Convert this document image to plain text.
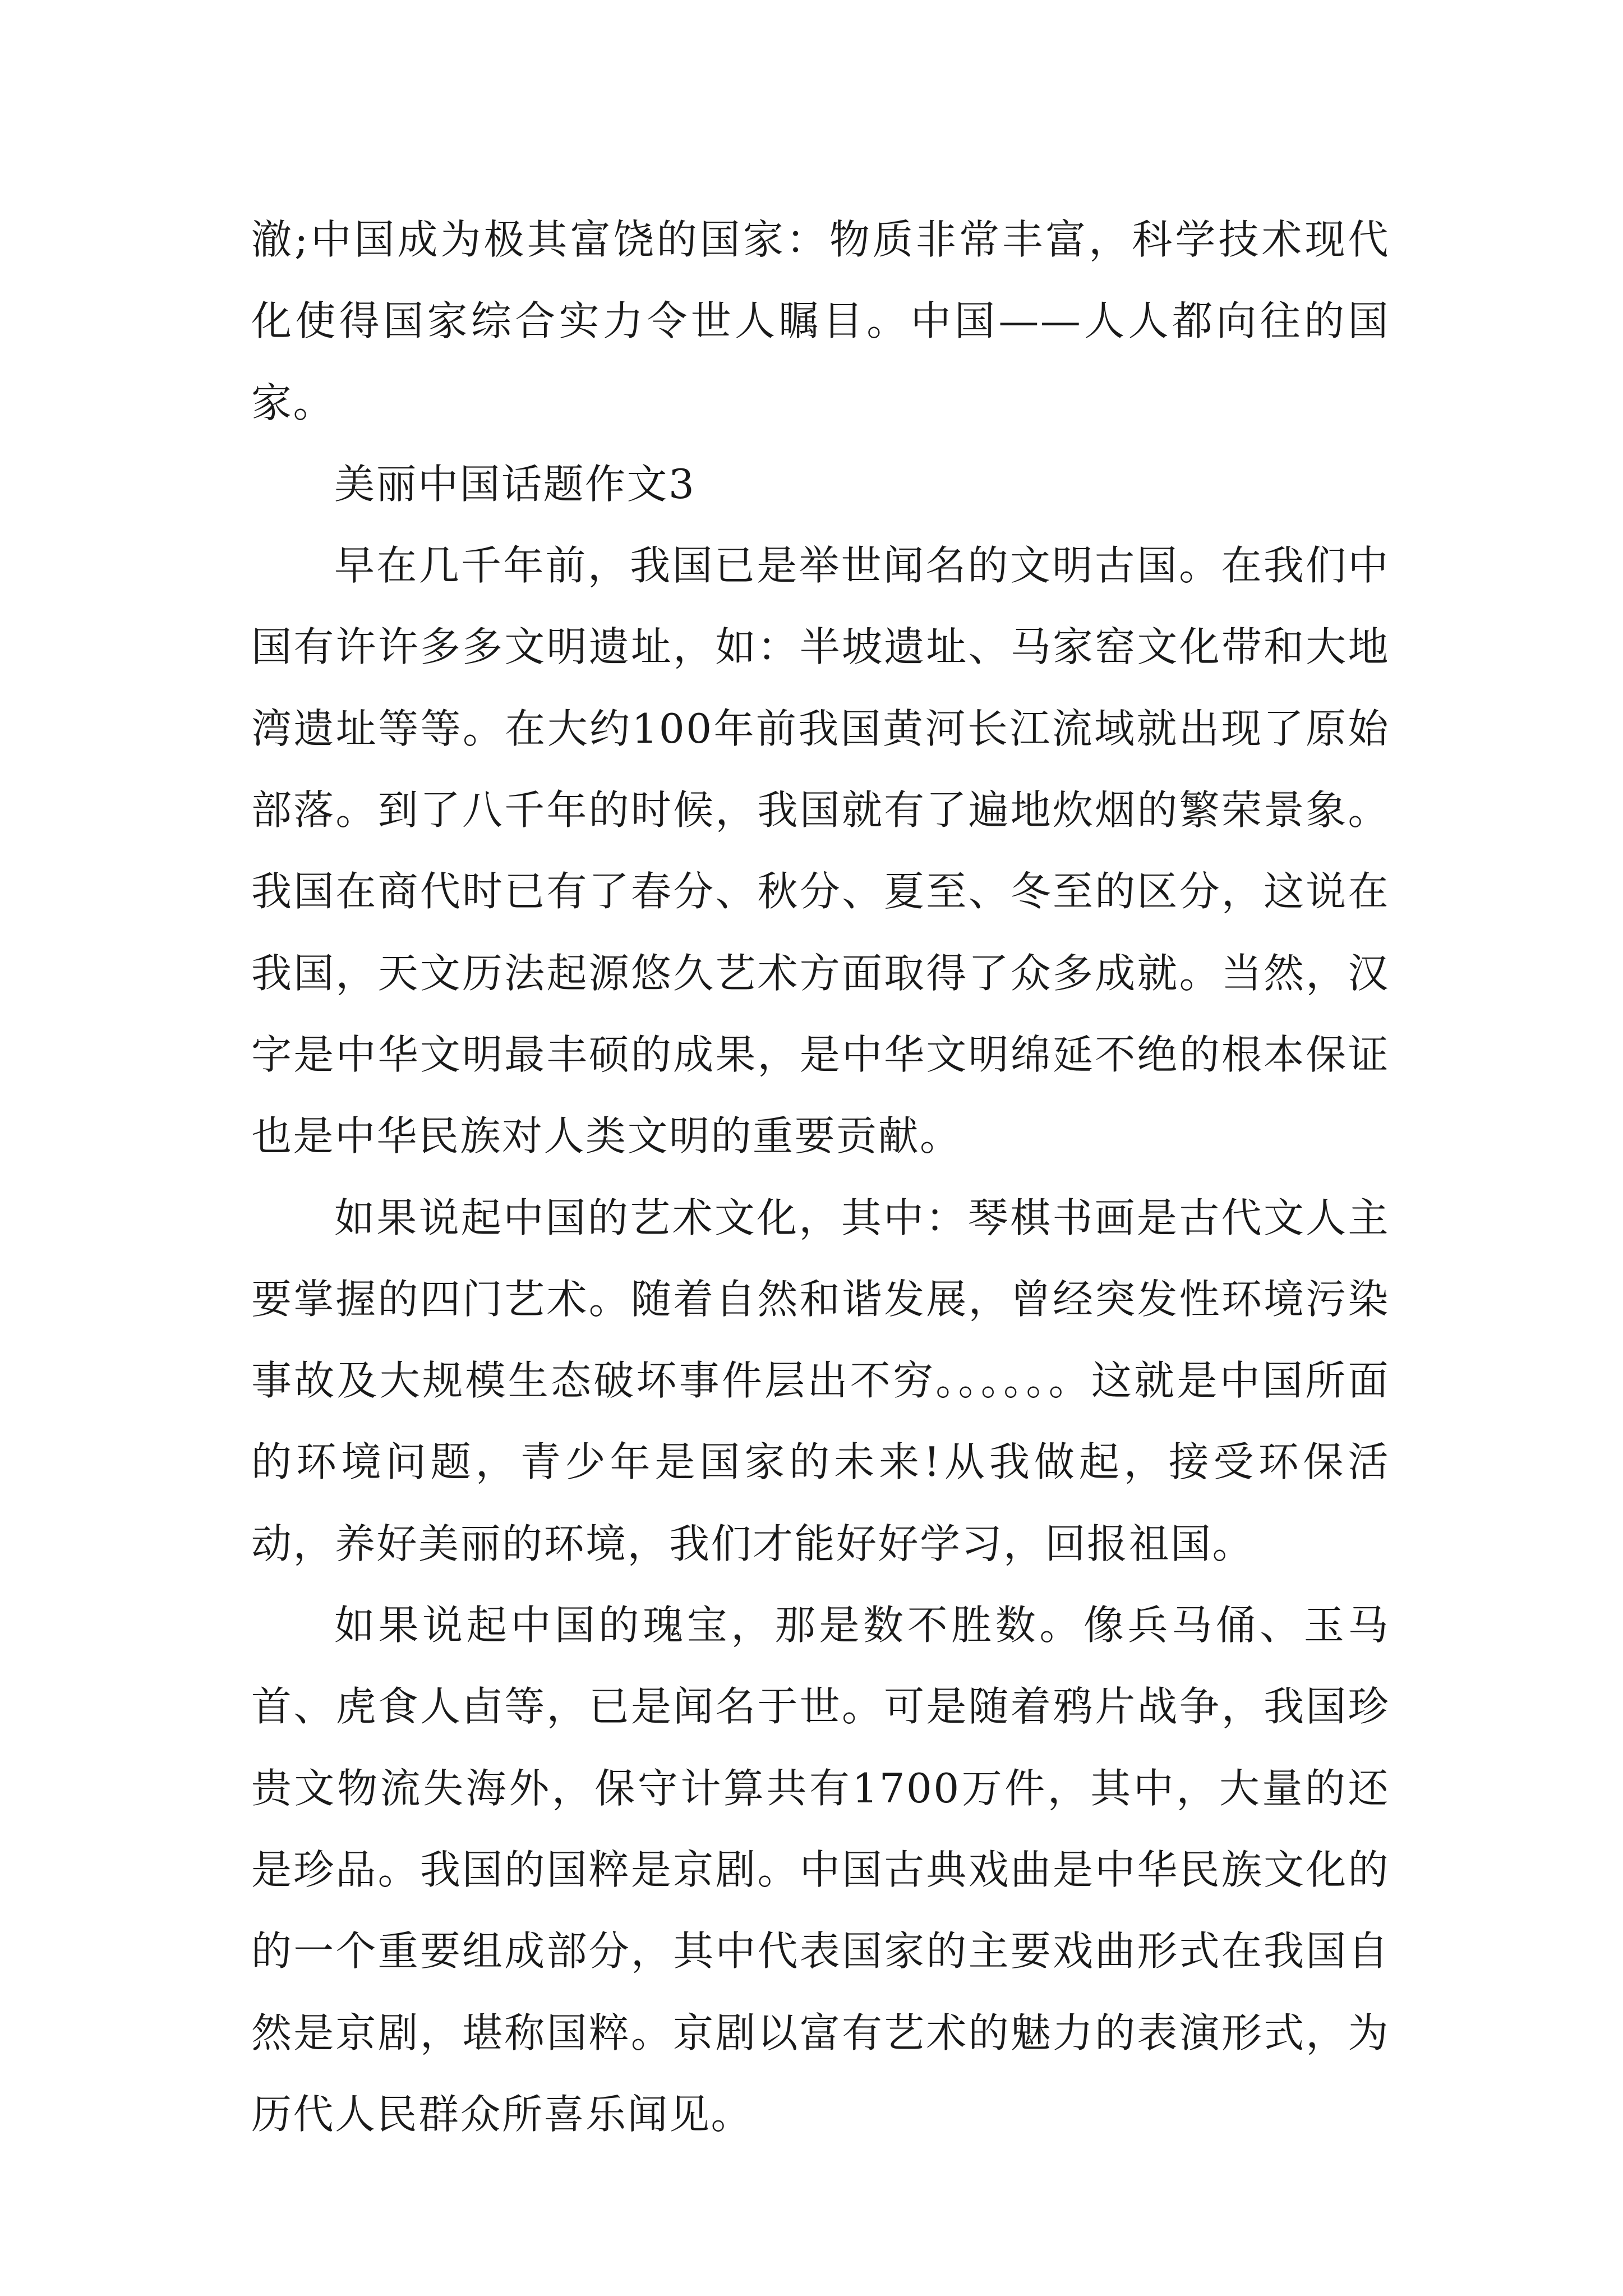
澈;中国成为极其富饶的国家：物质非常丰富，科学技术现代化使得国家综合实力令世人瞩目。中国——人人都向往的国家。

美丽中国话题作文3

早在几千年前，我国已是举世闻名的文明古国。在我们中国有许许多多文明遗址，如：半坡遗址、马家窑文化带和大地湾遗址等等。在大约100年前我国黄河长江流域就出现了原始部落。到了八千年的时候，我国就有了遍地炊烟的繁荣景象。我国在商代时已有了春分、秋分、夏至、冬至的区分，这说在我国，天文历法起源悠久艺术方面取得了众多成就。当然，汉字是中华文明最丰硕的成果，是中华文明绵延不绝的根本保证也是中华民族对人类文明的重要贡献。

如果说起中国的艺术文化，其中：琴棋书画是古代文人主要掌握的四门艺术。随着自然和谐发展，曾经突发性环境污染事故及大规模生态破坏事件层出不穷。。。。。。这就是中国所面的环境问题，青少年是国家的未来!从我做起，接受环保活动，养好美丽的环境，我们才能好好学习，回报祖国。

如果说起中国的瑰宝，那是数不胜数。像兵马俑、玉马首、虎食人卣等，已是闻名于世。可是随着鸦片战争，我国珍贵文物流失海外，保守计算共有1700万件，其中，大量的还是珍品。我国的国粹是京剧。中国古典戏曲是中华民族文化的的一个重要组成部分，其中代表国家的主要戏曲形式在我国自然是京剧，堪称国粹。京剧以富有艺术的魅力的表演形式，为历代人民群众所喜乐闻见。
